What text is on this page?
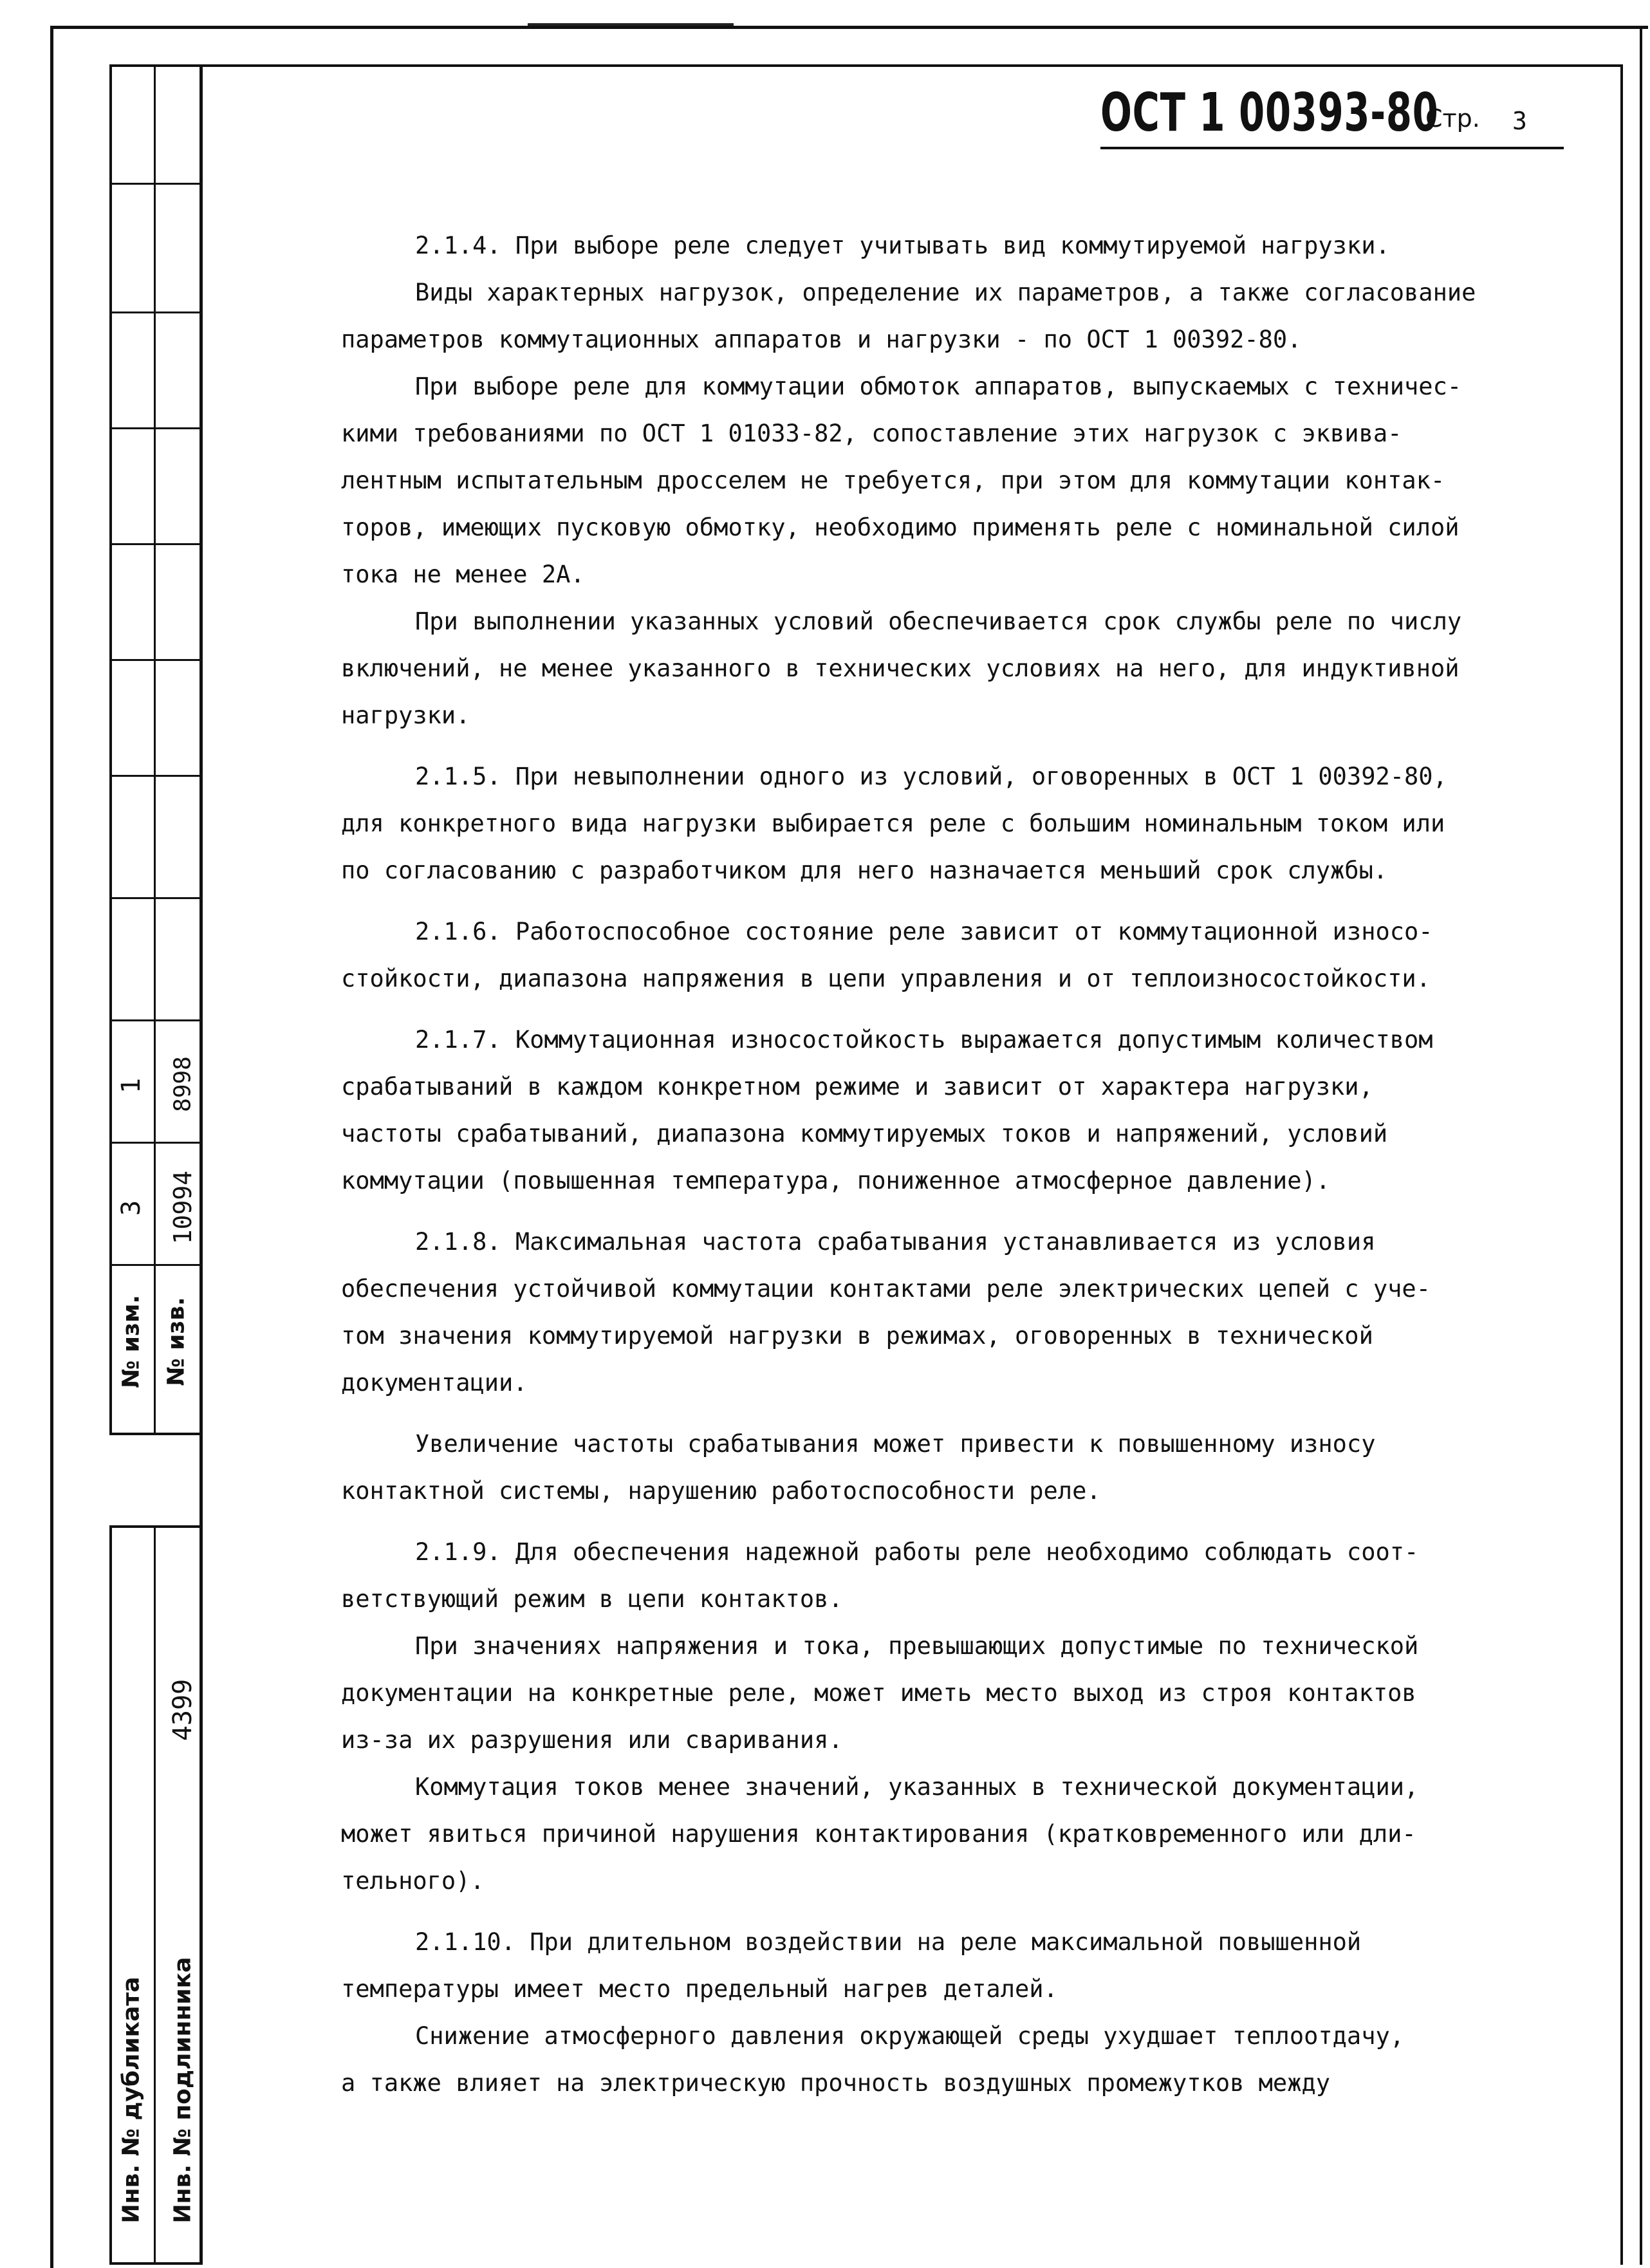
1
3
8998
10994
№ изм. № изв.
4399
Инв. № дубликата Инв. № подлинника
ОСТ 1 00393-80
Стр. 3

2.1.4. При выборе реле следует учитывать вид коммутируемой нагрузки.

Виды характерных нагрузок, определение их параметров, а также согласование

параметров коммутационных аппаратов и нагрузки - по ОСТ 1 00392-80.

При выборе реле для коммутации обмоток аппаратов, выпускаемых с техничес-

кими требованиями по ОСТ 1 01033-82, сопоставление этих нагрузок с эквива-

лентным испытательным дросселем не требуется, при этом для коммутации контак-

торов, имеющих пусковую обмотку, необходимо применять реле с номинальной силой

тока не менее 2А.

При выполнении указанных условий обеспечивается срок службы реле по числу

включений, не менее указанного в технических условиях на него, для индуктивной

нагрузки.

2.1.5. При невыполнении одного из условий, оговоренных в ОСТ 1 00392-80,

для конкретного вида нагрузки выбирается реле с большим номинальным током или

по согласованию с разработчиком для него назначается меньший срок службы.

2.1.6. Работоспособное состояние реле зависит от коммутационной износо-

стойкости, диапазона напряжения в цепи управления и от теплоизносостойкости.

2.1.7. Коммутационная износостойкость выражается допустимым количеством

срабатываний в каждом конкретном режиме и зависит от характера нагрузки,

частоты срабатываний, диапазона коммутируемых токов и напряжений, условий

коммутации (повышенная температура, пониженное атмосферное давление).

2.1.8. Максимальная частота срабатывания устанавливается из условия

обеспечения устойчивой коммутации контактами реле электрических цепей с уче-

том значения коммутируемой нагрузки в режимах, оговоренных в технической

документации.

Увеличение частоты срабатывания может привести к повышенному износу

контактной системы, нарушению работоспособности реле.

2.1.9. Для обеспечения надежной работы реле необходимо соблюдать соот-

ветствующий режим в цепи контактов.

При значениях напряжения и тока, превышающих допустимые по технической

документации на конкретные реле, может иметь место выход из строя контактов

из-за их разрушения или сваривания.

Коммутация токов менее значений, указанных в технической документации,

может явиться причиной нарушения контактирования (кратковременного или дли-

тельного).

2.1.10. При длительном воздействии на реле максимальной повышенной

температуры имеет место предельный нагрев деталей.

Снижение атмосферного давления окружающей среды ухудшает теплоотдачу,

а также влияет на электрическую прочность воздушных промежутков между
